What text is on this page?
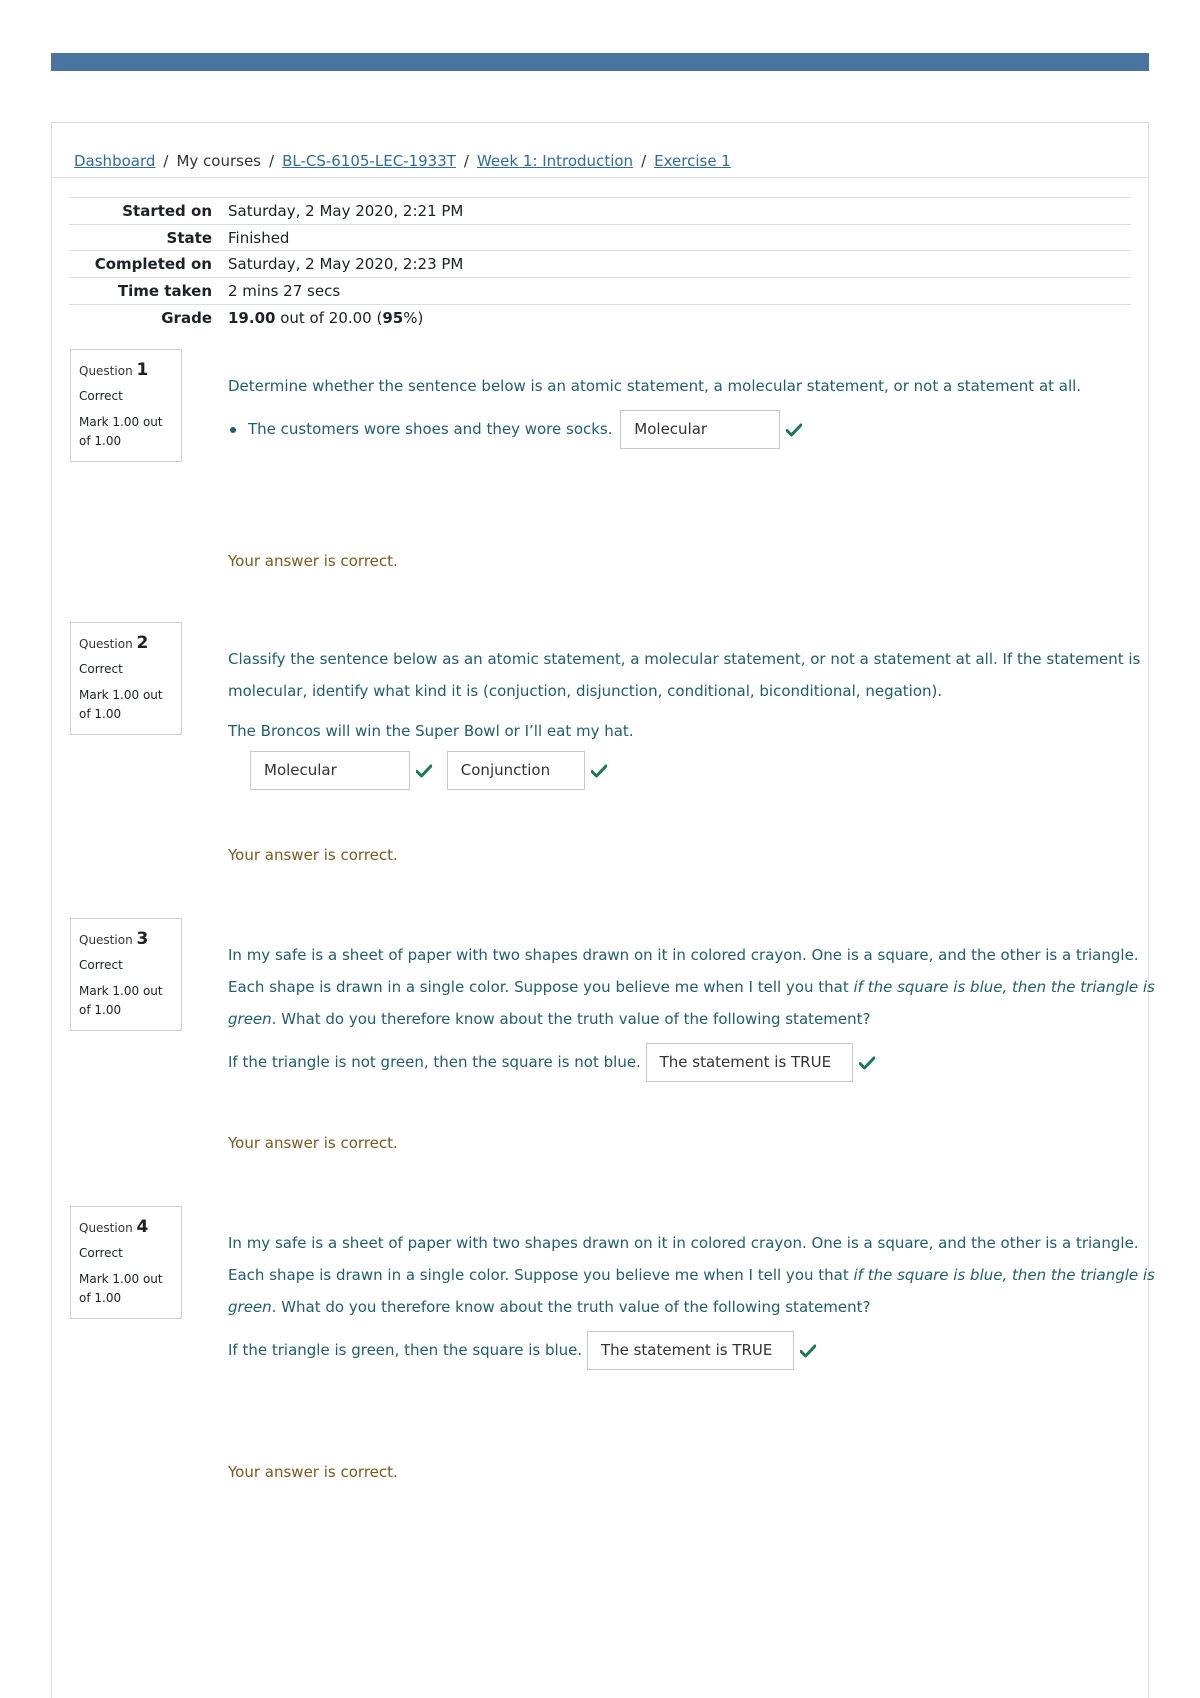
Dashboard / My courses / BL-CS-6105-LEC-1933T / Week 1: Introduction / Exercise 1
Started on	Saturday, 2 May 2020, 2:21 PM
State	Finished
Completed on	Saturday, 2 May 2020, 2:23 PM
Time taken	2 mins 27 secs
Grade	19.00 out of 20.00 (95%)
Question 1
Correct
Mark 1.00 out of 1.00
Determine whether the sentence below is an atomic statement, a molecular statement, or not a statement at all.
The customers wore shoes and they wore socks. Molecular
Your answer is correct.
Question 2
Correct
Mark 1.00 out of 1.00
Classify the sentence below as an atomic statement, a molecular statement, or not a statement at all. If the statement is
molecular, identify what kind it is (conjuction, disjunction, conditional, biconditional, negation).
The Broncos will win the Super Bowl or I’ll eat my hat.
Molecular	Conjunction
Your answer is correct.
Question 3
Correct
Mark 1.00 out of 1.00
In my safe is a sheet of paper with two shapes drawn on it in colored crayon. One is a square, and the other is a triangle.
Each shape is drawn in a single color. Suppose you believe me when I tell you that if the square is blue, then the triangle is
green. What do you therefore know about the truth value of the following statement?
If the triangle is not green, then the square is not blue. The statement is TRUE
Your answer is correct.
Question 4
Correct
Mark 1.00 out of 1.00
In my safe is a sheet of paper with two shapes drawn on it in colored crayon. One is a square, and the other is a triangle.
Each shape is drawn in a single color. Suppose you believe me when I tell you that if the square is blue, then the triangle is
green. What do you therefore know about the truth value of the following statement?
If the triangle is green, then the square is blue. The statement is TRUE
Your answer is correct.
